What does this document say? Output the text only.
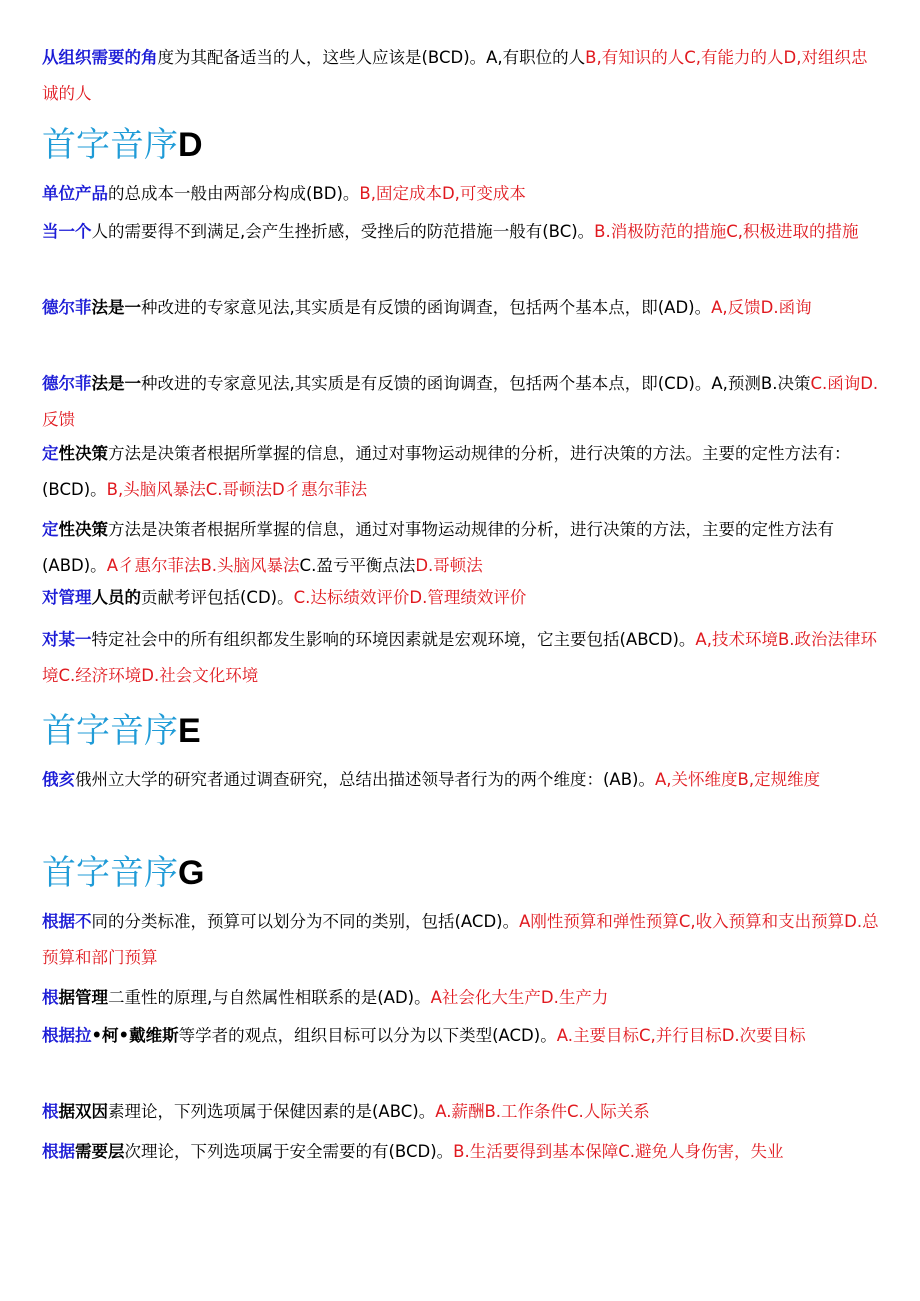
从组织需要的角度为其配备适当的人，这些人应该是(BCD)。A,有职位的人B,有知识的人C,有能力的人D,对组织忠诚的人
首字音序D
单位产品的总成本一般由两部分构成(BD)。B,固定成本D,可变成本
当一个人的需要得不到满足,会产生挫折感，受挫后的防范措施一般有(BC)。B.消极防范的措施C,积极进取的措施
德尔菲法是一种改进的专家意见法,其实质是有反馈的函询调查，包括两个基本点，即(AD)。A,反馈D.函询
德尔菲法是一种改进的专家意见法,其实质是有反馈的函询调查，包括两个基本点，即(CD)。A,预测B.决策C.函询D.反馈
定性决策方法是决策者根据所掌握的信息，通过对事物运动规律的分析，进行决策的方法。主要的定性方法有：(BCD)。B,头脑风暴法C.哥顿法D彳惠尔菲法
定性决策方法是决策者根据所掌握的信息，通过对事物运动规律的分析，进行决策的方法，主要的定性方法有(ABD)。A彳惠尔菲法B.头脑风暴法C.盈亏平衡点法D.哥顿法
对管理人员的贡献考评包括(CD)。C.达标绩效评价D.管理绩效评价
对某一特定社会中的所有组织都发生影响的环境因素就是宏观环境，它主要包括(ABCD)。A,技术环境B.政治法律环境C.经济环境D.社会文化环境
首字音序E
俄亥俄州立大学的研究者通过调查研究，总结出描述领导者行为的两个维度：(AB)。A,关怀维度B,定规维度
首字音序G
根据不同的分类标准，预算可以划分为不同的类别，包括(ACD)。A刚性预算和弹性预算C,收入预算和支出预算D.总预算和部门预算
根据管理二重性的原理,与自然属性相联系的是(AD)。A社会化大生产D.生产力
根据拉•柯•戴维斯等学者的观点，组织目标可以分为以下类型(ACD)。A.主要目标C,并行目标D.次要目标
根据双因素理论，下列选项属于保健因素的是(ABC)。A.薪酬B.工作条件C.人际关系
根据需要层次理论，下列选项属于安全需要的有(BCD)。B.生活要得到基本保障C.避免人身伤害，失业
